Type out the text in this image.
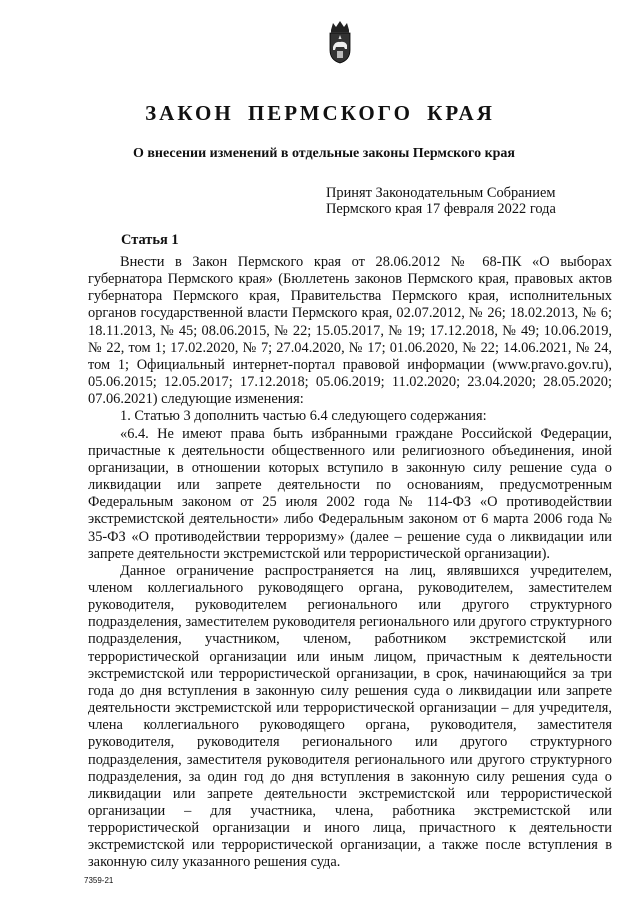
ЗАКОН ПЕРМСКОГО КРАЯ
О внесении изменений в отдельные законы Пермского края
Принят Законодательным Собранием
Пермского края 17 февраля 2022 года
Статья 1

Внести в Закон Пермского края от 28.06.2012 № 68-ПК «О выборах губернатора Пермского края» (Бюллетень законов Пермского края, правовых актов губернатора Пермского края, Правительства Пермского края, исполнительных органов государственной власти Пермского края, 02.07.2012, № 26; 18.02.2013, № 6; 18.11.2013, № 45; 08.06.2015, № 22; 15.05.2017, № 19; 17.12.2018, № 49; 10.06.2019, № 22, том 1; 17.02.2020, № 7; 27.04.2020, № 17; 01.06.2020, № 22; 14.06.2021, № 24, том 1; Официальный интернет-портал правовой информации (www.pravo.gov.ru), 05.06.2015; 12.05.2017; 17.12.2018; 05.06.2019; 11.02.2020; 23.04.2020; 28.05.2020; 07.06.2021) следующие изменения:

1. Статью 3 дополнить частью 6.4 следующего содержания:

«6.4. Не имеют права быть избранными граждане Российской Федерации, причастные к деятельности общественного или религиозного объединения, иной организации, в отношении которых вступило в законную силу решение суда о ликвидации или запрете деятельности по основаниям, предусмотренным Федеральным законом от 25 июля 2002 года № 114-ФЗ «О противодействии экстремистской деятельности» либо Федеральным законом от 6 марта 2006 года № 35-ФЗ «О противодействии терроризму» (далее – решение суда о ликвидации или запрете деятельности экстремистской или террористической организации).

Данное ограничение распространяется на лиц, являвшихся учредителем, членом коллегиального руководящего органа, руководителем, заместителем руководителя, руководителем регионального или другого структурного подразделения, заместителем руководителя регионального или другого структурного подразделения, участником, членом, работником экстремистской или террористической организации или иным лицом, причастным к деятельности экстремистской или террористической организации, в срок, начинающийся за три года до дня вступления в законную силу решения суда о ликвидации или запрете деятельности экстремистской или террористической организации – для учредителя, члена коллегиального руководящего органа, руководителя, заместителя руководителя, руководителя регионального или другого структурного подразделения, заместителя руководителя регионального или другого структурного подразделения, за один год до дня вступления в законную силу решения суда о ликвидации или запрете деятельности экстремистской или террористической организации – для участника, члена, работника экстремистской или террористической организации и иного лица, причастного к деятельности экстремистской или террористической организации, а также после вступления в законную силу указанного решения суда.

7359-21
